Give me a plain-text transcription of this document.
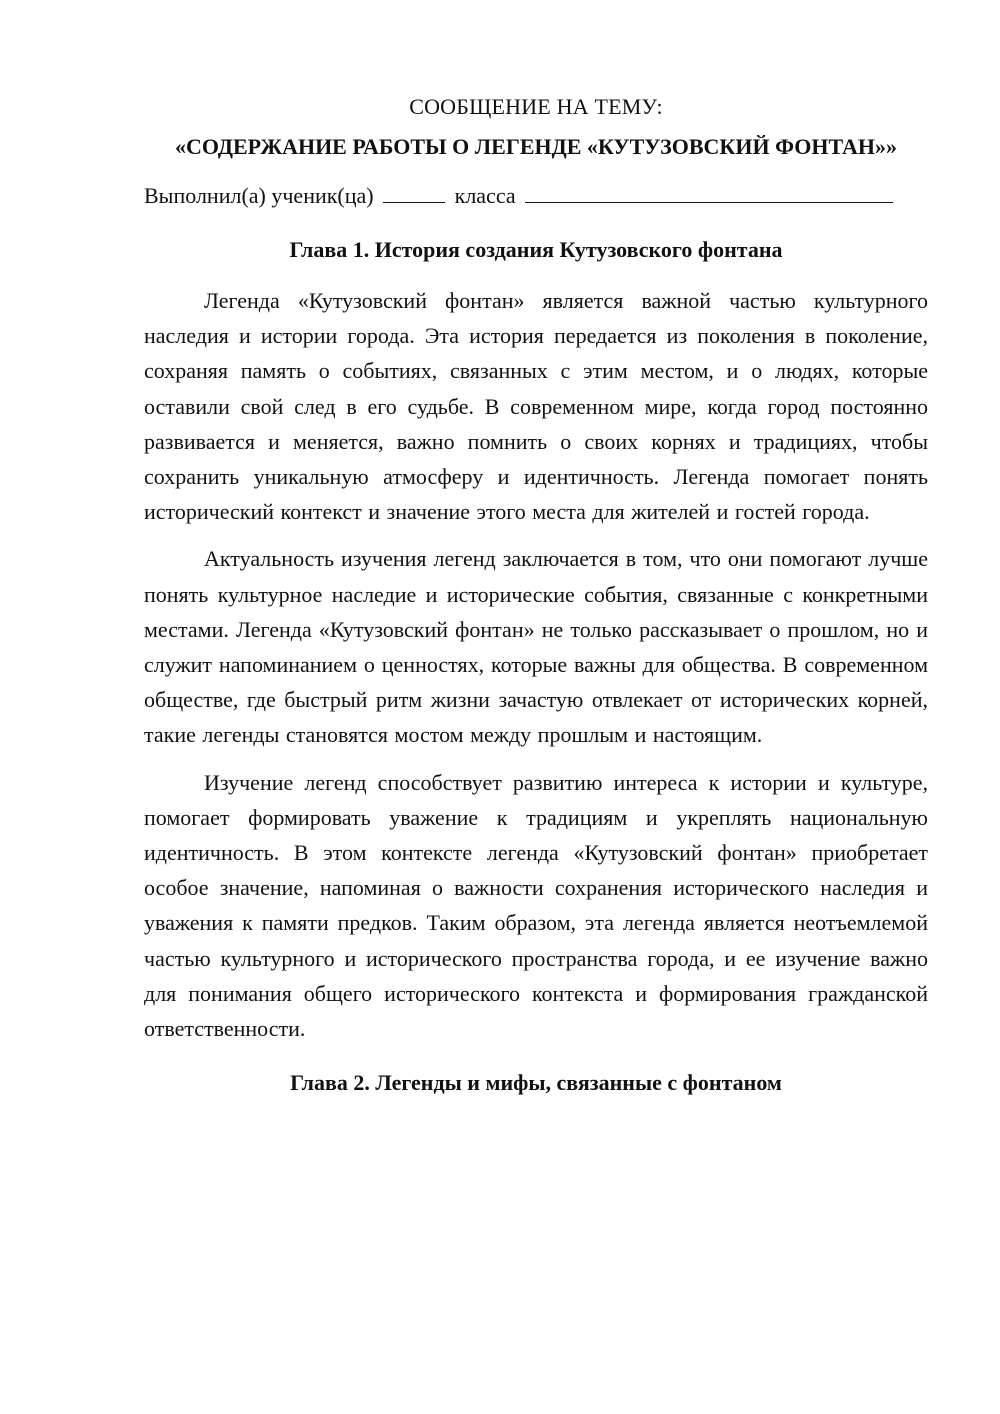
СООБЩЕНИЕ НА ТЕМУ:

«СОДЕРЖАНИЕ РАБОТЫ О ЛЕГЕНДЕ «КУТУЗОВСКИЙ ФОНТАН»»

Выполнил(а) ученик(ца)	класса

Глава 1. История создания Кутузовского фонтана

Легенда «Кутузовский фонтан» является важной частью культурного наследия и истории города. Эта история передается из поколения в поколение, сохраняя память о событиях, связанных с этим местом, и о людях, которые оставили свой след в его судьбе. В современном мире, когда город постоянно развивается и меняется, важно помнить о своих корнях и традициях, чтобы сохранить уникальную атмосферу и идентичность. Легенда помогает понять исторический контекст и значение этого места для жителей и гостей города.

Актуальность изучения легенд заключается в том, что они помогают лучше понять культурное наследие и исторические события, связанные с конкретными местами. Легенда «Кутузовский фонтан» не только рассказывает о прошлом, но и служит напоминанием о ценностях, которые важны для общества. В современном обществе, где быстрый ритм жизни зачастую отвлекает от исторических корней, такие легенды становятся мостом между прошлым и настоящим.

Изучение легенд способствует развитию интереса к истории и культуре, помогает формировать уважение к традициям и укреплять национальную идентичность. В этом контексте легенда «Кутузовский фонтан» приобретает особое значение, напоминая о важности сохранения исторического наследия и уважения к памяти предков. Таким образом, эта легенда является неотъемлемой частью культурного и исторического пространства города, и ее изучение важно для понимания общего исторического контекста и формирования гражданской ответственности.

Глава 2. Легенды и мифы, связанные с фонтаном
